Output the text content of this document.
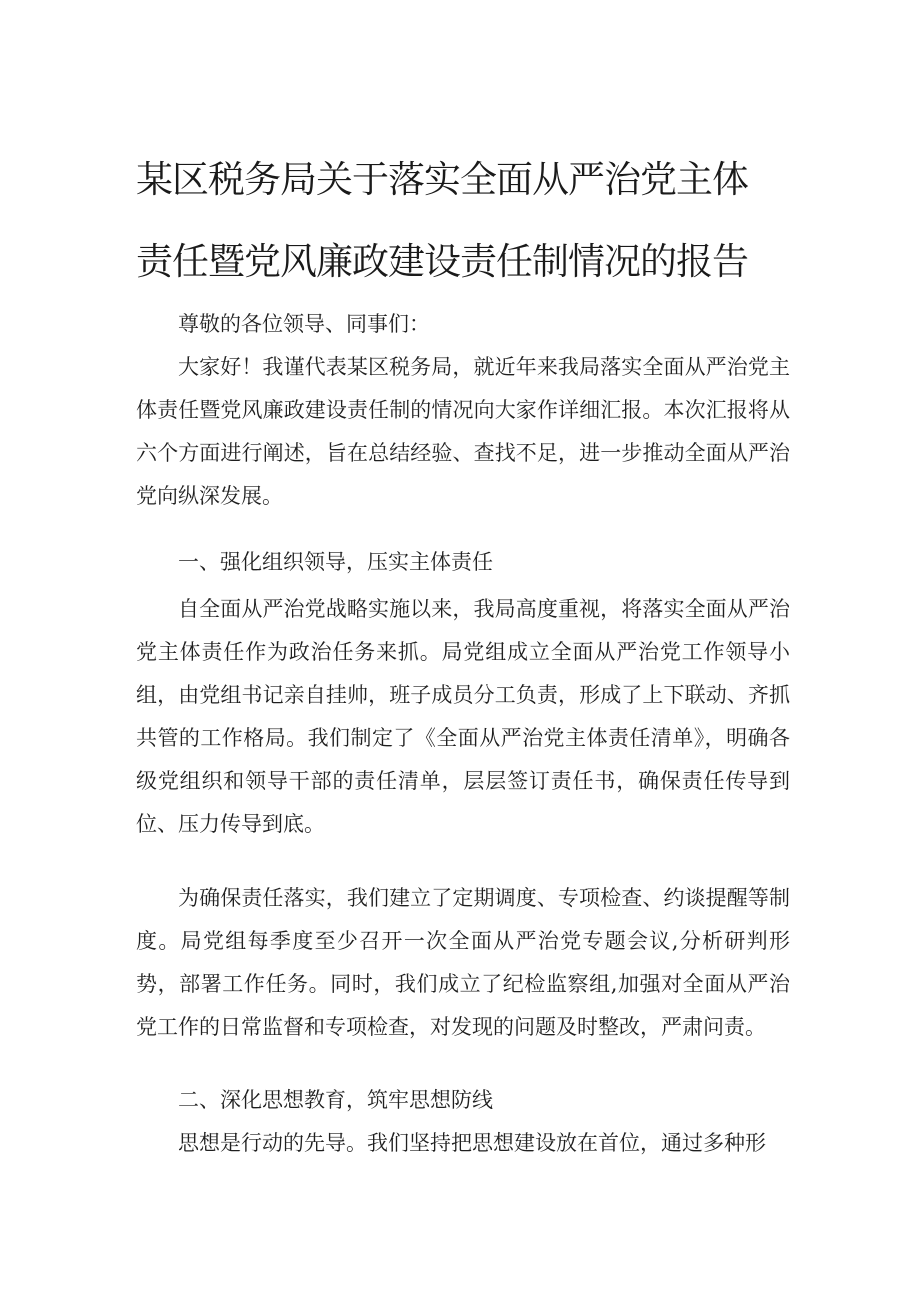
某区税务局关于落实全面从严治党主体
责任暨党风廉政建设责任制情况的报告

尊敬的各位领导、同事们：

大家好！我谨代表某区税务局，就近年来我局落实全面从严治党主体责任暨党风廉政建设责任制的情况向大家作详细汇报。本次汇报将从六个方面进行阐述，旨在总结经验、查找不足，进一步推动全面从严治党向纵深发展。

一、强化组织领导，压实主体责任

自全面从严治党战略实施以来，我局高度重视，将落实全面从严治党主体责任作为政治任务来抓。局党组成立全面从严治党工作领导小组，由党组书记亲自挂帅，班子成员分工负责，形成了上下联动、齐抓共管的工作格局。我们制定了《全面从严治党主体责任清单》，明确各级党组织和领导干部的责任清单，层层签订责任书，确保责任传导到位、压力传导到底。

为确保责任落实，我们建立了定期调度、专项检查、约谈提醒等制度。局党组每季度至少召开一次全面从严治党专题会议,分析研判形势，部署工作任务。同时，我们成立了纪检监察组,加强对全面从严治党工作的日常监督和专项检查，对发现的问题及时整改，严肃问责。

二、深化思想教育，筑牢思想防线

思想是行动的先导。我们坚持把思想建设放在首位，通过多种形
